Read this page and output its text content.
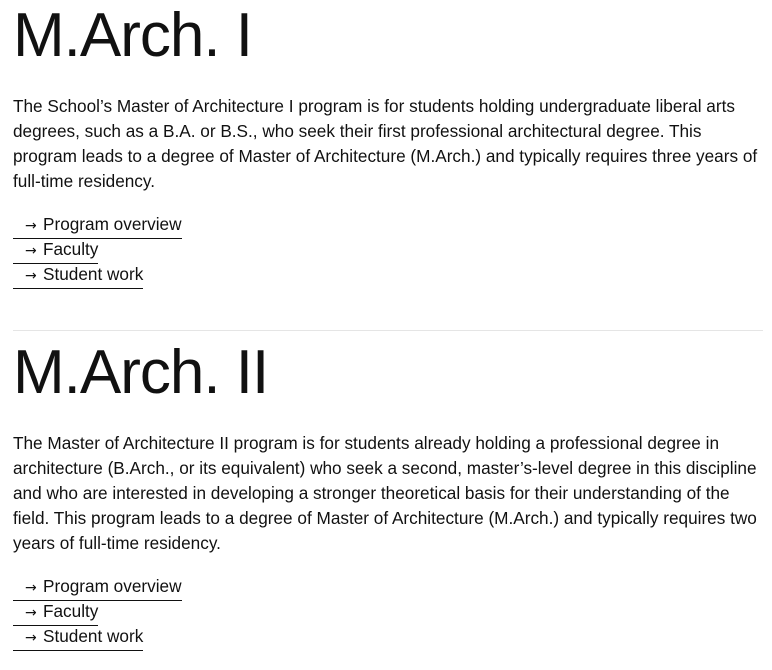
M.Arch. I

The School’s Master of Architecture I program is for students holding undergraduate liberal arts degrees, such as a B.A. or B.S., who seek their first professional architectural degree. This program leads to a degree of Master of Architecture (M.Arch.) and typically requires three years of full-time residency.

→ Program overview
→ Faculty
→ Student work
M.Arch. II

The Master of Architecture II program is for students already holding a professional degree in architecture (B.Arch., or its equivalent) who seek a second, master’s-level degree in this discipline and who are interested in developing a stronger theoretical basis for their understanding of the field. This program leads to a degree of Master of Architecture (M.Arch.) and typically requires two years of full-time residency.

→ Program overview
→ Faculty
→ Student work
